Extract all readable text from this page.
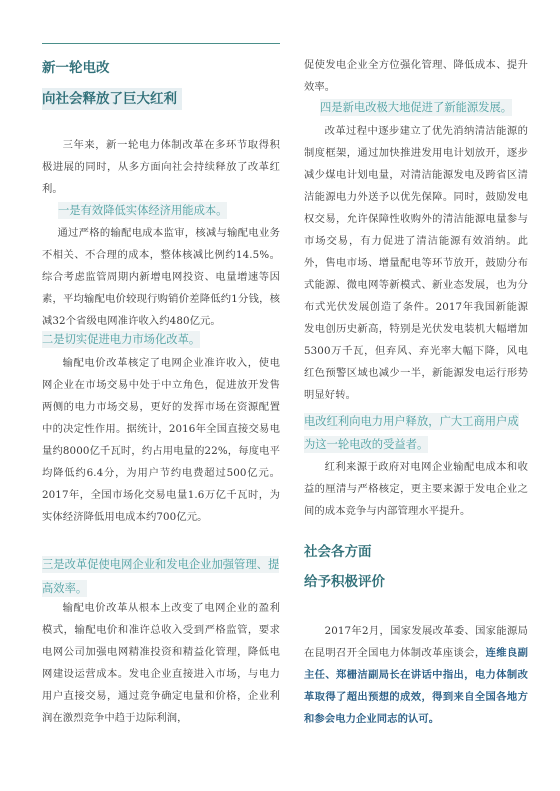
新一轮电改
向社会释放了巨大红利

三年来，新一轮电力体制改革在多环节取得积极进展的同时，从多方面向社会持续释放了改革红利。

一是有效降低实体经济用能成本。

通过严格的输配电成本监审，核减与输配电业务不相关、不合理的成本，整体核减比例约14.5%。综合考虑监管周期内新增电网投资、电量增速等因素，平均输配电价较现行购销价差降低约1分钱，核减32个省级电网准许收入约480亿元。

二是切实促进电力市场化改革。

输配电价改革核定了电网企业准许收入，使电网企业在市场交易中处于中立角色，促进放开发售两侧的电力市场交易，更好的发挥市场在资源配置中的决定性作用。据统计，2016年全国直接交易电量约8000亿千瓦时，约占用电量的22%，每度电平均降低约6.4分，为用户节约电费超过500亿元。2017年，全国市场化交易电量1.6万亿千瓦时，为实体经济降低用电成本约700亿元。

三是改革促使电网企业和发电企业加强管理、提高效率。

输配电价改革从根本上改变了电网企业的盈利模式，输配电价和准许总收入受到严格监管，要求电网公司加强电网精准投资和精益化管理，降低电网建设运营成本。发电企业直接进入市场，与电力用户直接交易，通过竞争确定电量和价格，企业利润在激烈竞争中趋于边际利润，

促使发电企业全方位强化管理、降低成本、提升效率。

四是新电改极大地促进了新能源发展。

改革过程中逐步建立了优先消纳清洁能源的制度框架，通过加快推进发用电计划放开，逐步减少煤电计划电量，对清洁能源发电及跨省区清洁能源电力外送予以优先保障。同时，鼓励发电权交易，允许保障性收购外的清洁能源电量参与市场交易，有力促进了清洁能源有效消纳。此外，售电市场、增量配电等环节放开，鼓励分布式能源、微电网等新模式、新业态发展，也为分布式光伏发展创造了条件。2017年我国新能源发电创历史新高，特别是光伏发电装机大幅增加5300万千瓦，但弃风、弃光率大幅下降，风电红色预警区域也减少一半，新能源发电运行形势明显好转。

电改红利向电力用户释放，广大工商用户成为这一轮电改的受益者。

红利来源于政府对电网企业输配电成本和收益的厘清与严格核定，更主要来源于发电企业之间的成本竞争与内部管理水平提升。

社会各方面
给予积极评价

2017年2月，国家发展改革委、国家能源局在昆明召开全国电力体制改革座谈会，连维良副主任、郑栅洁副局长在讲话中指出，电力体制改革取得了超出预想的成效，得到来自全国各地方和参会电力企业同志的认可。
